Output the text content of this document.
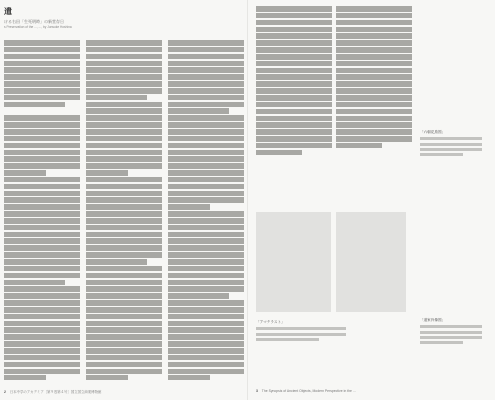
遺
ける右田「生死明時」の新堂存日
s Preservation of the ..., ..., by Junsuke Hoshina
2 日本中学のアカデミア［第９巻第４号］国立国立商業博物館
「六朝花鳥図」
「アマテラスト」	「道家肖像図」
3 The Synopsis of Ancient Objects, Modern Perspective in the ...
